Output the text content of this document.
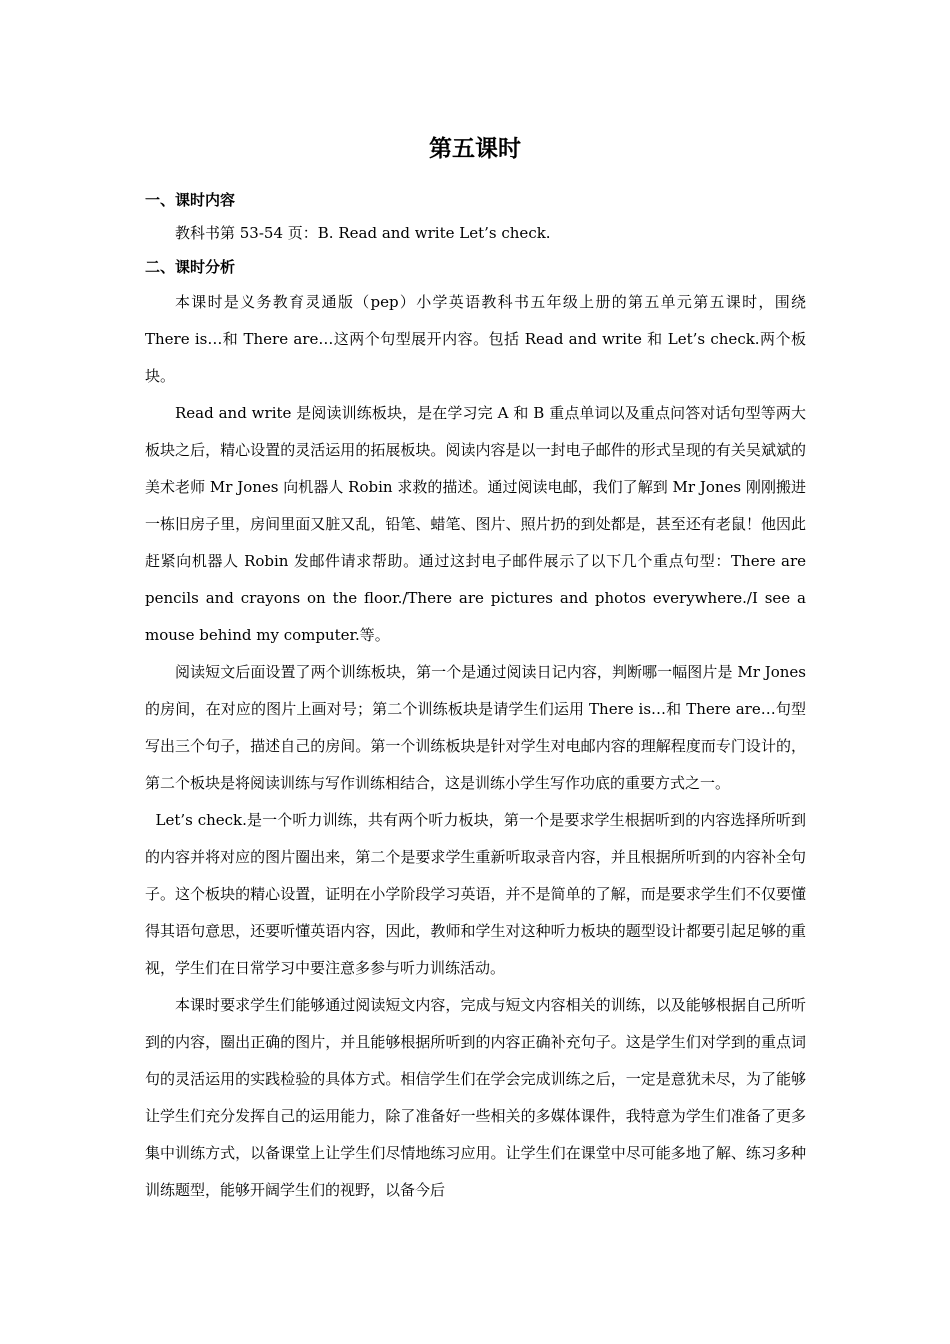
第五课时
一、课时内容

教科书第 53-54 页：B. Read and write Let’s check.

二、课时分析

本课时是义务教育灵通版（pep）小学英语教科书五年级上册的第五单元第五课时，围绕 There is…和 There are…这两个句型展开内容。包括 Read and write 和 Let’s check.两个板块。

Read and write 是阅读训练板块，是在学习完 A 和 B 重点单词以及重点问答对话句型等两大板块之后，精心设置的灵活运用的拓展板块。阅读内容是以一封电子邮件的形式呈现的有关吴斌斌的美术老师 Mr Jones 向机器人 Robin 求救的描述。通过阅读电邮，我们了解到 Mr Jones 刚刚搬进一栋旧房子里，房间里面又脏又乱，铅笔、蜡笔、图片、照片扔的到处都是，甚至还有老鼠！他因此赶紧向机器人 Robin 发邮件请求帮助。通过这封电子邮件展示了以下几个重点句型：There are pencils and crayons on the floor./There are pictures and photos everywhere./I see a mouse behind my computer.等。

阅读短文后面设置了两个训练板块，第一个是通过阅读日记内容，判断哪一幅图片是 Mr Jones 的房间，在对应的图片上画对号；第二个训练板块是请学生们运用 There is…和 There are…句型写出三个句子，描述自己的房间。第一个训练板块是针对学生对电邮内容的理解程度而专门设计的，第二个板块是将阅读训练与写作训练相结合，这是训练小学生写作功底的重要方式之一。

Let’s check.是一个听力训练，共有两个听力板块，第一个是要求学生根据听到的内容选择所听到的内容并将对应的图片圈出来，第二个是要求学生重新听取录音内容，并且根据所听到的内容补全句子。这个板块的精心设置，证明在小学阶段学习英语，并不是简单的了解，而是要求学生们不仅要懂得其语句意思，还要听懂英语内容，因此，教师和学生对这种听力板块的题型设计都要引起足够的重视，学生们在日常学习中要注意多参与听力训练活动。

本课时要求学生们能够通过阅读短文内容，完成与短文内容相关的训练，以及能够根据自己所听到的内容，圈出正确的图片，并且能够根据所听到的内容正确补充句子。这是学生们对学到的重点词句的灵活运用的实践检验的具体方式。相信学生们在学会完成训练之后，一定是意犹未尽，为了能够让学生们充分发挥自己的运用能力，除了准备好一些相关的多媒体课件，我特意为学生们准备了更多集中训练方式，以备课堂上让学生们尽情地练习应用。让学生们在课堂中尽可能多地了解、练习多种训练题型，能够开阔学生们的视野，以备今后
